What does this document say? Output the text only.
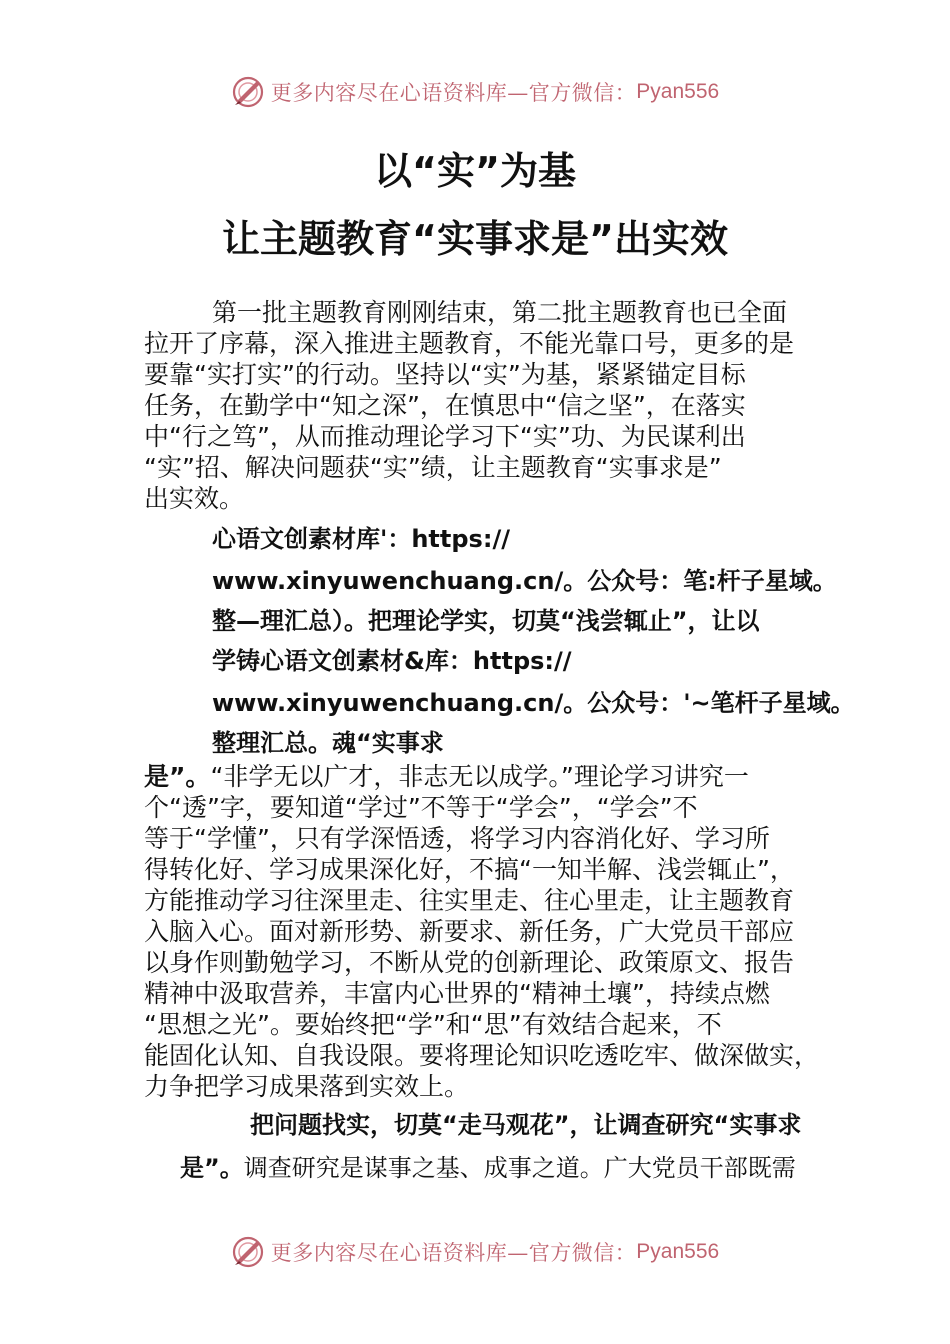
更多内容尽在心语资料库—官方微信： Pyan556
以“实”为基
让主题教育“实事求是”出实效
第一批主题教育刚刚结束，第二批主题教育也已全面
拉开了序幕，深入推进主题教育，不能光靠口号，更多的是
要靠“实打实”的行动。坚持以“实”为基，紧紧锚定目标
任务，在勤学中“知之深”，在慎思中“信之坚”，在落实
中“行之笃”，从而推动理论学习下“实”功、为民谋利出
“实”招、解决问题获“实”绩，让主题教育“实事求是”
出实效。
心语文创素材库'：https://
www.xinyuwenchuang.cn/。公众号：笔:杆子星域。
整—理汇总）。把理论学实，切莫“浅尝辄止”，让以
学铸心语文创素材&库：https://
www.xinyuwenchuang.cn/。公众号：'~笔杆子星域。
整理汇总。魂“实事求
是”。“非学无以广才，非志无以成学。”理论学习讲究一
个“透”字，要知道“学过”不等于“学会”，“学会”不
等于“学懂”，只有学深悟透，将学习内容消化好、学习所
得转化好、学习成果深化好，不搞“一知半解、浅尝辄止”，
方能推动学习往深里走、往实里走、往心里走，让主题教育
入脑入心。面对新形势、新要求、新任务，广大党员干部应
以身作则勤勉学习，不断从党的创新理论、政策原文、报告
精神中汲取营养，丰富内心世界的“精神土壤”，持续点燃
“思想之光”。要始终把“学”和“思”有效结合起来，不
能固化认知、自我设限。要将理论知识吃透吃牢、做深做实，
力争把学习成果落到实效上。
把问题找实，切莫“走马观花”，让调查研究“实事求
是”。调查研究是谋事之基、成事之道。广大党员干部既需
更多内容尽在心语资料库—官方微信： Pyan556
